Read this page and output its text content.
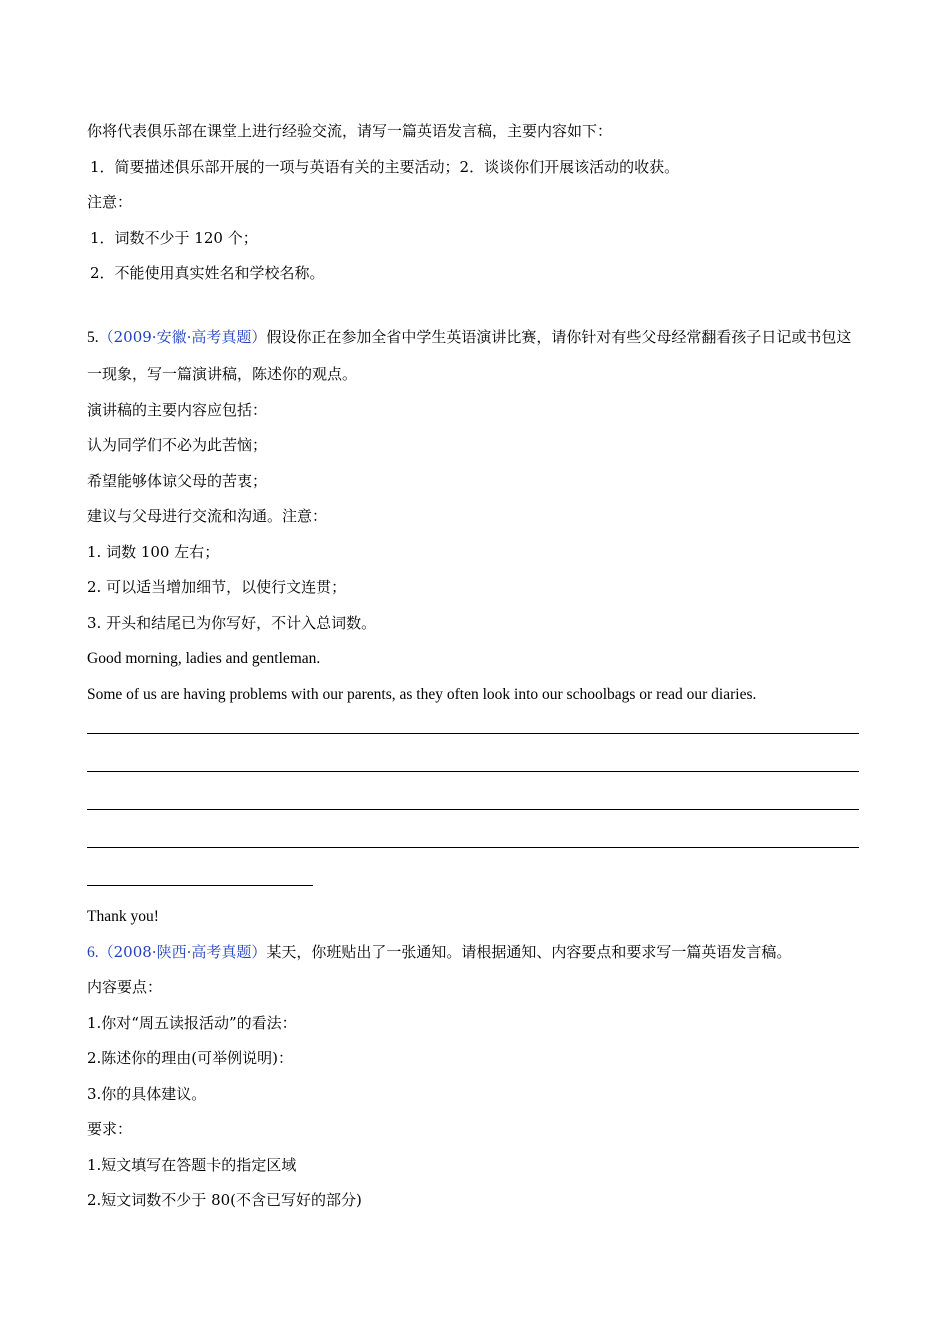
你将代表俱乐部在课堂上进行经验交流，请写一篇英语发言稿，主要内容如下：
1．简要描述俱乐部开展的一项与英语有关的主要活动；2．谈谈你们开展该活动的收获。
注意：
1．词数不少于 120 个；
2．不能使用真实姓名和学校名称。
5.（2009·安徽·高考真题）假设你正在参加全省中学生英语演讲比赛，请你针对有些父母经常翻看孩子日记或书包这一现象，写一篇演讲稿，陈述你的观点。
演讲稿的主要内容应包括：
认为同学们不必为此苦恼；
希望能够体谅父母的苦衷；
建议与父母进行交流和沟通。注意：
1. 词数 100 左右；
2. 可以适当增加细节，以使行文连贯；
3. 开头和结尾已为你写好，不计入总词数。
Good morning, ladies and gentleman.
Some of us are having problems with our parents, as they often look into our schoolbags or read our diaries.
Thank you!
6.（2008·陕西·高考真题）某天，你班贴出了一张通知。请根据通知、内容要点和要求写一篇英语发言稿。
内容要点：
1.你对“周五读报活动”的看法：
2.陈述你的理由(可举例说明)：
3.你的具体建议。
要求：
1.短文填写在答题卡的指定区域
2.短文词数不少于 80(不含已写好的部分)
